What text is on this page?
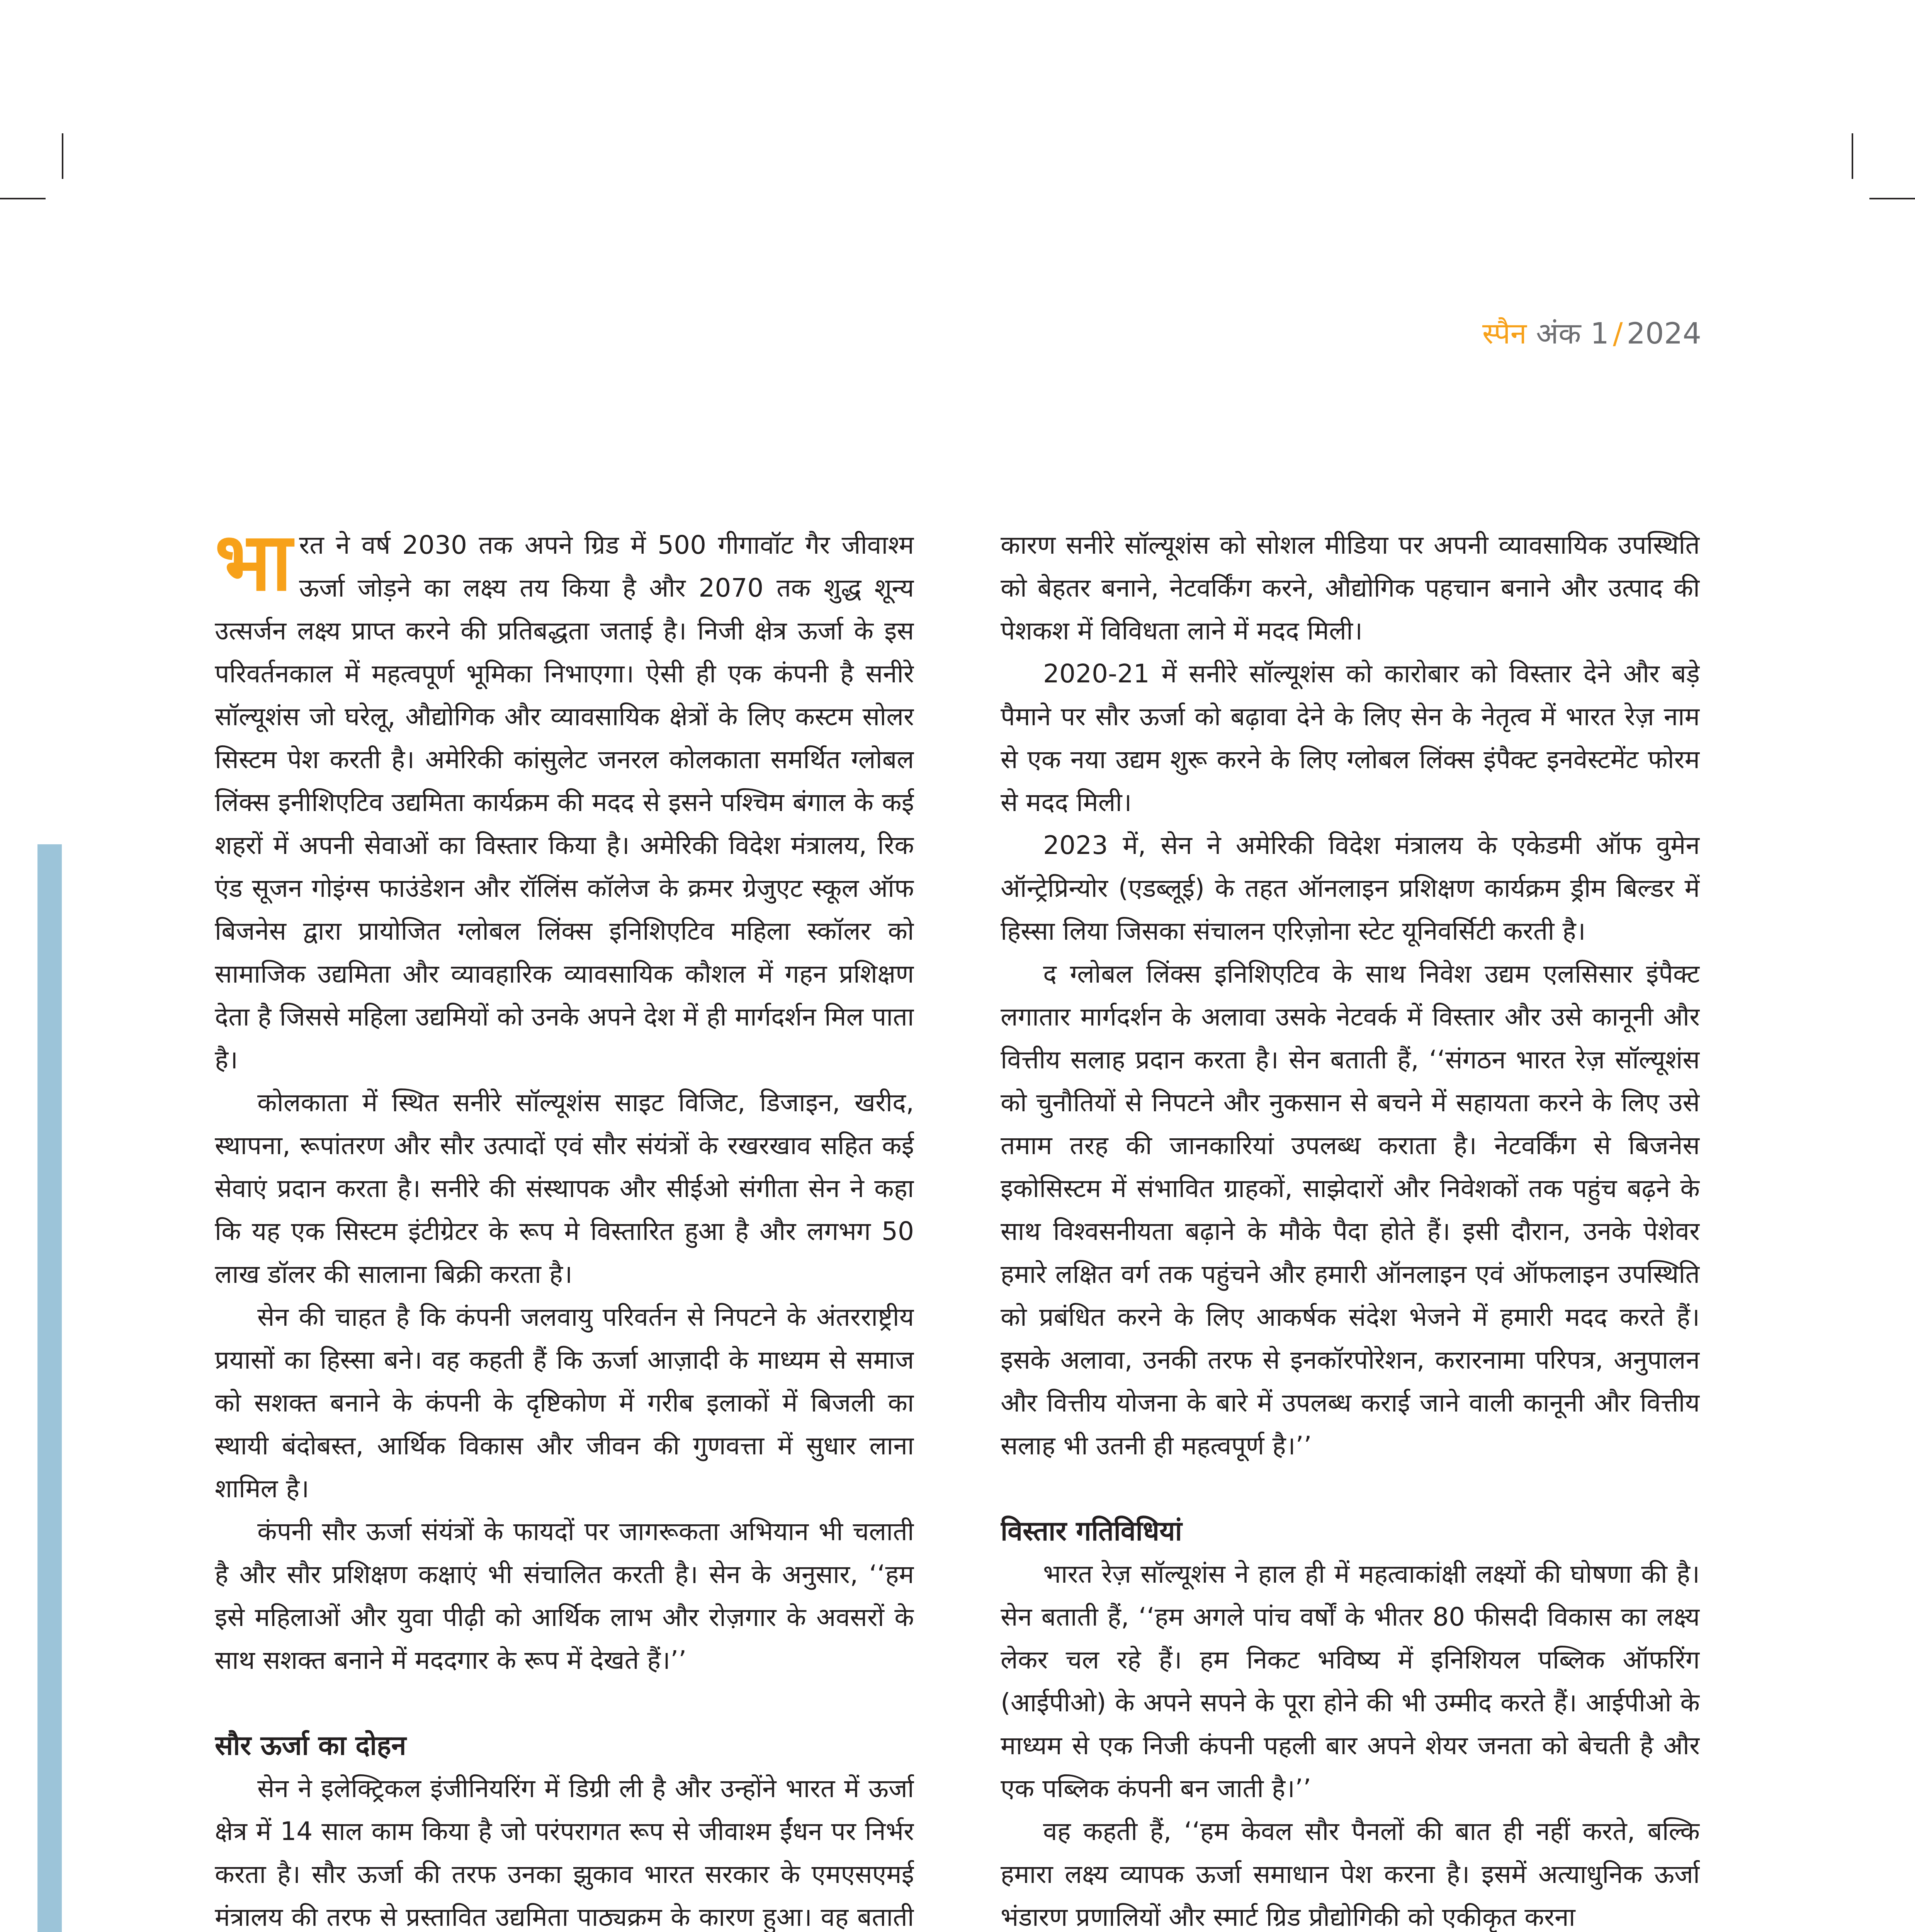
स्पैन अंक 1 / 2024

भारत ने वर्ष 2030 तक अपने ग्रिड में 500 गीगावॉट गैर जीवाश्म ऊर्जा जोड़ने का लक्ष्य तय किया है और 2070 तक शुद्ध शून्य उत्सर्जन लक्ष्य प्राप्त करने की प्रतिबद्धता जताई है। निजी क्षेत्र ऊर्जा के इस परिवर्तनकाल में महत्वपूर्ण भूमिका निभाएगा। ऐसी ही एक कंपनी है सनीरे सॉल्यूशंस जो घरेलू, औद्योगिक और व्यावसायिक क्षेत्रों के लिए कस्टम सोलर सिस्टम पेश करती है। अमेरिकी कांसुलेट जनरल कोलकाता समर्थित ग्लोबल लिंक्स इनीशिएटिव उद्यमिता कार्यक्रम की मदद से इसने पश्चिम बंगाल के कई शहरों में अपनी सेवाओं का विस्तार किया है। अमेरिकी विदेश मंत्रालय, रिक एंड सूजन गोइंग्स फाउंडेशन और रॉलिंस कॉलेज के क्रमर ग्रेजुएट स्कूल ऑफ बिजनेस द्वारा प्रायोजित ग्लोबल लिंक्स इनिशिएटिव महिला स्कॉलर को सामाजिक उद्यमिता और व्यावहारिक व्यावसायिक कौशल में गहन प्रशिक्षण देता है जिससे महिला उद्यमियों को उनके अपने देश में ही मार्गदर्शन मिल पाता है।

कोलकाता में स्थित सनीरे सॉल्यूशंस साइट विजिट, डिजाइन, खरीद, स्थापना, रूपांतरण और सौर उत्पादों एवं सौर संयंत्रों के रखरखाव सहित कई सेवाएं प्रदान करता है। सनीरे की संस्थापक और सीईओ संगीता सेन ने कहा कि यह एक सिस्टम इंटीग्रेटर के रूप मे विस्तारित हुआ है और लगभग 50 लाख डॉलर की सालाना बिक्री करता है।

सेन की चाहत है कि कंपनी जलवायु परिवर्तन से निपटने के अंतरराष्ट्रीय प्रयासों का हिस्सा बने। वह कहती हैं कि ऊर्जा आज़ादी के माध्यम से समाज को सशक्त बनाने के कंपनी के दृष्टिकोण में गरीब इलाकों में बिजली का स्थायी बंदोबस्त, आर्थिक विकास और जीवन की गुणवत्ता में सुधार लाना शामिल है।

कंपनी सौर ऊर्जा संयंत्रों के फायदों पर जागरूकता अभियान भी चलाती है और सौर प्रशिक्षण कक्षाएं भी संचालित करती है। सेन के अनुसार, ‘‘हम इसे महिलाओं और युवा पीढ़ी को आर्थिक लाभ और रोज़गार के अवसरों के साथ सशक्त बनाने में मददगार के रूप में देखते हैं।’’

सौर ऊर्जा का दोहन

सेन ने इलेक्ट्रिकल इंजीनियरिंग में डिग्री ली है और उन्होंने भारत में ऊर्जा क्षेत्र में 14 साल काम किया है जो परंपरागत रूप से जीवाश्म ईंधन पर निर्भर करता है। सौर ऊर्जा की तरफ उनका झुकाव भारत सरकार के एमएसएमई मंत्रालय की तरफ से प्रस्तावित उद्यमिता पाठ्यक्रम के कारण हुआ। वह बताती

कारण सनीरे सॉल्यूशंस को सोशल मीडिया पर अपनी व्यावसायिक उपस्थिति को बेहतर बनाने, नेटवर्किंग करने, औद्योगिक पहचान बनाने और उत्पाद की पेशकश में विविधता लाने में मदद मिली।

2020-21 में सनीरे सॉल्यूशंस को कारोबार को विस्तार देने और बड़े पैमाने पर सौर ऊर्जा को बढ़ावा देने के लिए सेन के नेतृत्व में भारत रेज़ नाम से एक नया उद्यम शुरू करने के लिए ग्लोबल लिंक्स इंपैक्ट इनवेस्टमेंट फोरम से मदद मिली।

2023 में, सेन ने अमेरिकी विदेश मंत्रालय के एकेडमी ऑफ वुमेन ऑन्ट्रेप्रिन्योर (एडब्लूई) के तहत ऑनलाइन प्रशिक्षण कार्यक्रम ड्रीम बिल्डर में हिस्सा लिया जिसका संचालन एरिज़ोना स्टेट यूनिवर्सिटी करती है।

द ग्लोबल लिंक्स इनिशिएटिव के साथ निवेश उद्यम एलसिसार इंपैक्ट लगातार मार्गदर्शन के अलावा उसके नेटवर्क में विस्तार और उसे कानूनी और वित्तीय सलाह प्रदान करता है। सेन बताती हैं, ‘‘संगठन भारत रेज़ सॉल्यूशंस को चुनौतियों से निपटने और नुकसान से बचने में सहायता करने के लिए उसे तमाम तरह की जानकारियां उपलब्ध कराता है। नेटवर्किंग से बिजनेस इकोसिस्टम में संभावित ग्राहकों, साझेदारों और निवेशकों तक पहुंच बढ़ने के साथ विश्वसनीयता बढ़ाने के मौके पैदा होते हैं। इसी दौरान, उनके पेशेवर हमारे लक्षित वर्ग तक पहुंचने और हमारी ऑनलाइन एवं ऑफलाइन उपस्थिति को प्रबंधित करने के लिए आकर्षक संदेश भेजने में हमारी मदद करते हैं। इसके अलावा, उनकी तरफ से इनकॉरपोरेशन, करारनामा परिपत्र, अनुपालन और वित्तीय योजना के बारे में उपलब्ध कराई जाने वाली कानूनी और वित्तीय सलाह भी उतनी ही महत्वपूर्ण है।’’

विस्तार गतिविधियां

भारत रेज़ सॉल्यूशंस ने हाल ही में महत्वाकांक्षी लक्ष्यों की घोषणा की है। सेन बताती हैं, ‘‘हम अगले पांच वर्षों के भीतर 80 फीसदी विकास का लक्ष्य लेकर चल रहे हैं। हम निकट भविष्य में इनिशियल पब्लिक ऑफरिंग (आईपीओ) के अपने सपने के पूरा होने की भी उम्मीद करते हैं। आईपीओ के माध्यम से एक निजी कंपनी पहली बार अपने शेयर जनता को बेचती है और एक पब्लिक कंपनी बन जाती है।’’

वह कहती हैं, ‘‘हम केवल सौर पैनलों की बात ही नहीं करते, बल्कि हमारा लक्ष्य व्यापक ऊर्जा समाधान पेश करना है। इसमें अत्याधुनिक ऊर्जा भंडारण प्रणालियों और स्मार्ट ग्रिड प्रौद्योगिकी को एकीकृत करना
